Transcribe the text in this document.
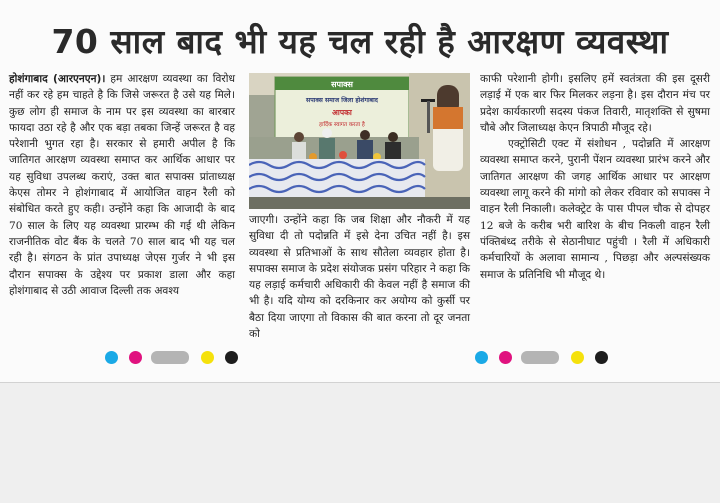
70 साल बाद भी यह चल रही है आरक्षण व्यवस्था

होशंगाबाद (आरएनएन)। हम आरक्षण व्यवस्था का विरोध नहीं कर रहे हम चाहते है कि जिसे जरूरत है उसे यह मिले। कुछ लोग ही समाज के नाम पर इस व्यवस्था का बारबार फायदा उठा रहे है और एक बड़ा तबका जिन्हें जरूरत है वह परेशानी भुगत रहा है। सरकार से हमारी अपील है कि जातिगत आरक्षण व्यवस्था समाप्त कर आर्थिक आधार पर यह सुविधा उपलब्ध कराएं, उक्त बात सपाक्स प्रांताध्यक्ष केएस तोमर ने होशंगाबाद में आयोजित वाहन रैली को संबोधित करते हुए कही। उन्होंने कहा कि आजादी के बाद 70 साल के लिए यह व्यवस्था प्रारम्भ की गई थी लेकिन राजनीतिक वोट बैंक के चलते 70 साल बाद भी यह चल रही है। संगठन के प्रांत उपाध्यक्ष जेएस गुर्जर ने भी इस दौरान सपाक्स के उद्देश्य पर प्रकाश डाला और कहा होशंगाबाद से उठी आवाज दिल्ली तक अवश्य

सपाक्स
सपाक्स समाज जिला होशंगाबाद
आपका
हार्दिक स्वागत करता है

जाएगी। उन्होंने कहा कि जब शिक्षा और नौकरी में यह सुविधा दी तो पदोन्नति में इसे देना उचित नहीं है। इस व्यवस्था से प्रतिभाओं के साथ सौतेला व्यवहार होता है। सपाक्स समाज के प्रदेश संयोजक प्रसंग परिहार ने कहा कि यह लड़ाई कर्मचारी अधिकारी की केवल नहीं है समाज की भी है। यदि योग्य को दरकिनार कर अयोग्य को कुर्सी पर बैठा दिया जाएगा तो विकास की बात करना तो दूर जनता को

काफी परेशानी होगी। इसलिए हमें स्वतंत्रता की इस दूसरी लड़ाई में एक बार फिर मिलकर लड़ना है। इस दौरान मंच पर प्रदेश कार्यकारणी सदस्य पंकज तिवारी, मातृशक्ति से सुषमा चौबे और जिलाध्यक्ष केएन त्रिपाठी मौजूद रहे।

एक्ट्रोसिटी एक्ट में संशोधन , पदोन्नति में आरक्षण व्यवस्था समाप्त करने, पुरानी पेंशन व्यवस्था प्रारंभ करने और जातिगत आरक्षण की जगह आर्थिक आधार पर आरक्षण व्यवस्था लागू करने की मांगो को लेकर रविवार को सपाक्स ने वाहन रैली निकाली। कलेक्ट्रेट के पास पीपल चौक से दोपहर 12 बजे के करीब भरी बारिश के बीच निकली वाहन रैली पंक्तिबंध्द तरीके से सेठानीघाट पहुंची । रैली में अधिकारी कर्मचारियों के अलावा सामान्य , पिछड़ा और अल्पसंख्यक समाज के प्रतिनिधि भी मौजूद थे।
